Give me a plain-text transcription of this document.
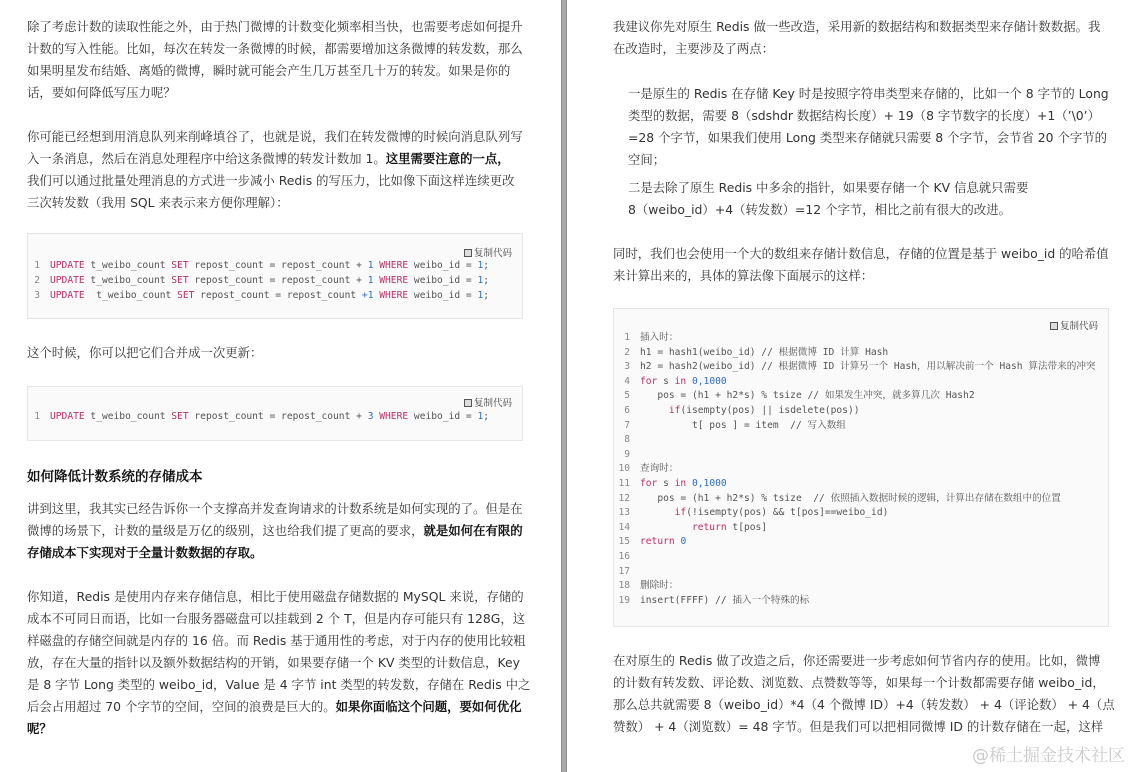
除了考虑计数的读取性能之外，由于热门微博的计数变化频率相当快，也需要考虑如何提升
计数的写入性能。比如，每次在转发一条微博的时候，都需要增加这条微博的转发数，那么
如果明星发布结婚、离婚的微博，瞬时就可能会产生几万甚至几十万的转发。如果是你的
话，要如何降低写压力呢？
你可能已经想到用消息队列来削峰填谷了，也就是说，我们在转发微博的时候向消息队列写
入一条消息，然后在消息处理程序中给这条微博的转发计数加 1。这里需要注意的一点，
我们可以通过批量处理消息的方式进一步减小 Redis 的写压力，比如像下面这样连续更改
三次转发数（我用 SQL 来表示来方便你理解）：
复制代码
1 UPDATE t_weibo_count SET repost_count = repost_count + 1 WHERE weibo_id = 1;
2 UPDATE t_weibo_count SET repost_count = repost_count + 1 WHERE weibo_id = 1;
3 UPDATE  t_weibo_count SET repost_count = repost_count +1 WHERE weibo_id = 1;
这个时候，你可以把它们合并成一次更新：
复制代码
1 UPDATE t_weibo_count SET repost_count = repost_count + 3 WHERE weibo_id = 1;
如何降低计数系统的存储成本
讲到这里，我其实已经告诉你一个支撑高并发查询请求的计数系统是如何实现的了。但是在
微博的场景下，计数的量级是万亿的级别，这也给我们提了更高的要求，就是如何在有限的
存储成本下实现对于全量计数数据的存取。
你知道，Redis 是使用内存来存储信息，相比于使用磁盘存储数据的 MySQL 来说，存储的
成本不可同日而语，比如一台服务器磁盘可以挂载到 2 个 T，但是内存可能只有 128G，这
样磁盘的存储空间就是内存的 16 倍。而 Redis 基于通用性的考虑，对于内存的使用比较粗
放，存在大量的指针以及额外数据结构的开销，如果要存储一个 KV 类型的计数信息，Key
是 8 字节 Long 类型的 weibo_id，Value 是 4 字节 int 类型的转发数，存储在 Redis 中之
后会占用超过 70 个字节的空间，空间的浪费是巨大的。如果你面临这个问题，要如何优化
呢？
我建议你先对原生 Redis 做一些改造，采用新的数据结构和数据类型来存储计数数据。我
在改造时，主要涉及了两点：
一是原生的 Redis 在存储 Key 时是按照字符串类型来存储的，比如一个 8 字节的 Long
类型的数据，需要 8（sdshdr 数据结构长度）+ 19（8 字节数字的长度）+1（’\0’）
=28 个字节，如果我们使用 Long 类型来存储就只需要 8 个字节，会节省 20 个字节的
空间；
二是去除了原生 Redis 中多余的指针，如果要存储一个 KV 信息就只需要
8（weibo_id）+4（转发数）=12 个字节，相比之前有很大的改进。
同时，我们也会使用一个大的数组来存储计数信息，存储的位置是基于 weibo_id 的哈希值
来计算出来的，具体的算法像下面展示的这样：
1 插入时：
2 h1 = hash1(weibo_id) // 根据微博 ID 计算 Hash
3 h2 = hash2(weibo_id) // 根据微博 ID 计算另一个 Hash，用以解决前一个 Hash 算法带来的冲突
4 for s in 0,1000
5   pos = (h1 + h2*s) % tsize // 如果发生冲突，就多算几次 Hash2
6	if(isempty(pos) || isdelete(pos))
7         t[ pos ] = item  // 写入数组
8
9
10 查询时：
11 for s in 0,1000
12   pos = (h1 + h2*s) % tsize  // 依照插入数据时候的逻辑，计算出存储在数组中的位置
13	if(!isempty(pos) && t[pos]==weibo_id)
14	return t[pos]
15 return 0
16
17
18 删除时：
19 insert(FFFF) // 插入一个特殊的标
复制代码
在对原生的 Redis 做了改造之后，你还需要进一步考虑如何节省内存的使用。比如，微博
的计数有转发数、评论数、浏览数、点赞数等等，如果每一个计数都需要存储 weibo_id，
那么总共就需要 8（weibo_id）*4（4 个微博 ID）+4（转发数） + 4（评论数） + 4（点
赞数） + 4（浏览数）= 48 字节。但是我们可以把相同微博 ID 的计数存储在一起，这样
@稀土掘金技术社区
